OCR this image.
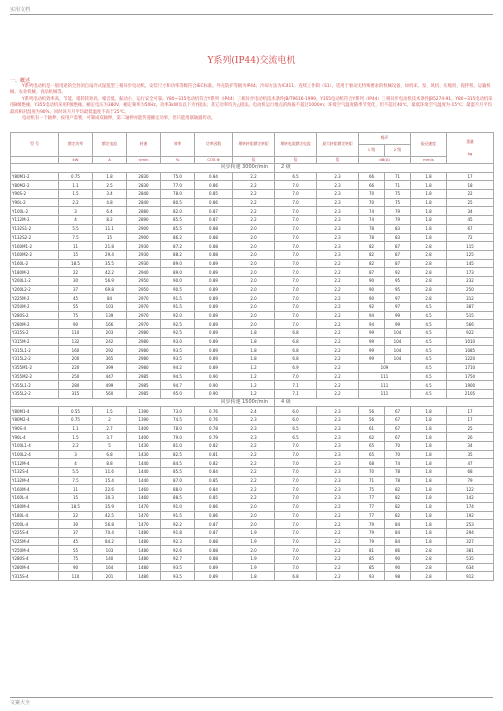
实用文档
Y系列(IP44)交流电机
一、概述
Y系列电动机是一般用途的全封闭自扇冷式鼠笼型三相异步电动机，安装尺寸和功率等级符合IEC标准。外壳防护等级为IP44；冷却方法为IC411；连续工作制（S1）。适用于驱动无特殊要求的机械设备，如机床、泵、风机、压缩机、搅拌机、运输机械、农业机械、食品机械等。
Y系列电动机效率高、节能、堵转转矩高、噪音低、振动小、运行安全可靠。Y80~315电动机符合Y系列（IP44）三相异步电动机技术条件JB/T9616-1999，Y355电动机符合Y系列（IP44）三相异步电动机技术条件JB5274-91。Y80~315电动机采用B级绝缘，Y355电动机采用F级绝缘。额定电压为380V，额定频率为50Hz。功率3kW及以下为Y接法；其它功率均为△接法。电动机运行地点的海拔不超过1000m；环境空气温度随季节变化，但不超过40℃，最低环境空气温度为-15℃；最湿月月平均最高相对湿度为90%，同时该月月平均最低温度不高于25℃。
电动机有一个轴伸，按用户需要，可制成双轴伸，第二轴伸亦能传递额定功率，但只能用联轴器传动。
型 号	额定功率	额定电流	转速	效率	功率因数	堵转转矩额定转矩	堵转电流额定电流	最大转矩额定转矩	噪声		振动速度	重量
kg

									1 级	2 级		
	kW	A	r/min	%	COS Φ	倍	倍	倍	dB(A)		mm/s	
同步转速 3000r/min							2 级					
Y80M1-2	0.75	1.8	2830	75.0	0.84	2.2	6.5	2.3	66	71	1.8	17
Y80M2-2	1.1	2.5	2830	77.0	0.86	2.2	7.0	2.3	66	71	1.8	18
Y90S-2	1.5	3.4	2840	78.0	0.85	2.2	7.0	2.3	70	75	1.8	22
Y90L-2	2.2	4.8	2840	80.5	0.86	2.2	7.0	2.3	70	75	1.8	25
Y100L-2	3	6.4	2880	82.0	0.87	2.2	7.0	2.3	74	79	1.8	34
Y112M-2	4	8.2	2890	85.5	0.87	2.2	7.0	2.3	74	79	1.8	45
Y132S1-2	5.5	11.1	2900	85.5	0.88	2.0	7.0	2.3	78	83	1.8	67
Y132S2-2	7.5	15	2900	86.2	0.88	2.0	7.0	2.3	78	83	1.8	72
Y160M1-2	11	21.8	2930	87.2	0.88	2.0	7.0	2.3	82	87	2.8	115
Y160M2-2	15	29.4	2930	88.2	0.88	2.0	7.0	2.3	82	87	2.8	125
Y160L-2	18.5	35.5	2930	89.0	0.89	2.0	7.0	2.2	82	87	2.8	145
Y180M-2	22	42.2	2940	89.0	0.89	2.0	7.0	2.2	87	92	2.8	173
Y200L1-2	30	56.9	2950	90.0	0.89	2.0	7.0	2.2	90	95	2.8	232
Y200L2-2	37	69.8	2950	90.5	0.89	2.0	7.0	2.2	90	95	2.8	250
Y225M-2	45	84	2970	91.5	0.89	2.0	7.0	2.2	90	97	2.8	312
Y250M-2	55	103	2970	91.5	0.89	2.0	7.0	2.2	92	97	4.5	387
Y280S-2	75	139	2970	92.0	0.89	2.0	7.0	2.2	94	99	4.5	515
Y280M-2	90	166	2970	92.5	0.89	2.0	7.0	2.2	94	99	4.5	566
Y315S-2	110	203	2980	92.5	0.89	1.8	6.8	2.2	99	104	4.5	922
Y315M-2	132	242	2980	93.0	0.89	1.8	6.8	2.2	99	104	4.5	1010
Y315L1-2	160	292	2980	93.5	0.89	1.8	6.8	2.2	99	104	4.5	1085
Y315L2-2	200	365	2980	93.5	0.89	1.8	6.8	2.2	99	104	4.5	1220
Y355M1-2	220	399	2980	94.2	0.89	1.2	6.9	2.2	109		4.5	1710
Y355M2-2	250	447	2985	94.5	0.90	1.2	7.0	2.2	111		4.5	1750
Y355L1-2	280	499	2985	94.7	0.90	1.2	7.1	2.2	111		4.5	1900
Y355L2-2	315	560	2985	95.0	0.90	1.2	7.1	2.2	111		4.5	2105
同步转速 1500r/min							4 级					
Y80M1-4	0.55	1.5	1390	73.0	0.76	2.4	6.0	2.3	56	67	1.8	17
Y80M2-4	0.75	2	1390	74.5	0.76	2.3	6.0	2.3	56	67	1.8	17
Y90S-4	1.1	2.7	1400	78.0	0.78	2.3	6.5	2.3	61	67	1.8	25
Y90L-4	1.5	3.7	1400	79.0	0.79	2.3	6.5	2.3	62	67	1.8	26
Y100L1-4	2.2	5	1430	81.0	0.82	2.2	7.0	2.3	65	70	1.8	34
Y100L2-4	3	6.8	1430	82.5	0.81	2.2	7.0	2.3	65	70	1.8	35
Y112M-4	4	8.8	1440	84.5	0.82	2.2	7.0	2.3	68	74	1.8	47
Y132S-4	5.5	11.6	1440	85.5	0.84	2.2	7.0	2.3	70	78	1.8	68
Y132M-4	7.5	15.4	1440	87.0	0.85	2.2	7.0	2.3	71	78	1.8	79
Y160M-4	11	22.6	1460	88.0	0.84	2.2	7.0	2.3	75	82	1.8	122
Y160L-4	15	30.3	1460	88.5	0.85	2.2	7.0	2.3	77	82	1.8	142
Y180M-4	18.5	35.9	1470	91.0	0.86	2.0	7.0	2.2	77	82	1.8	174
Y180L-4	22	42.5	1470	91.5	0.86	2.0	7.0	2.2	77	82	1.8	192
Y200L-4	30	56.8	1470	92.2	0.87	2.0	7.0	2.2	79	84	1.8	253
Y225S-4	37	70.4	1480	91.8	0.87	1.9	7.0	2.2	79	84	1.8	294
Y225M-4	45	84.2	1480	92.3	0.88	1.9	7.0	2.2	79	84	1.8	327
Y250M-4	55	103	1480	92.6	0.88	2.0	7.0	2.2	81	86	2.8	381
Y280S-4	75	140	1480	92.7	0.88	1.9	7.0	2.2	85	90	2.8	535
Y280M-4	90	164	1480	93.5	0.89	1.9	7.0	2.2	85	90	2.8	634
Y315S-4	110	201	1480	93.5	0.89	1.8	6.8	2.2	93	98	2.8	912
文案大全
